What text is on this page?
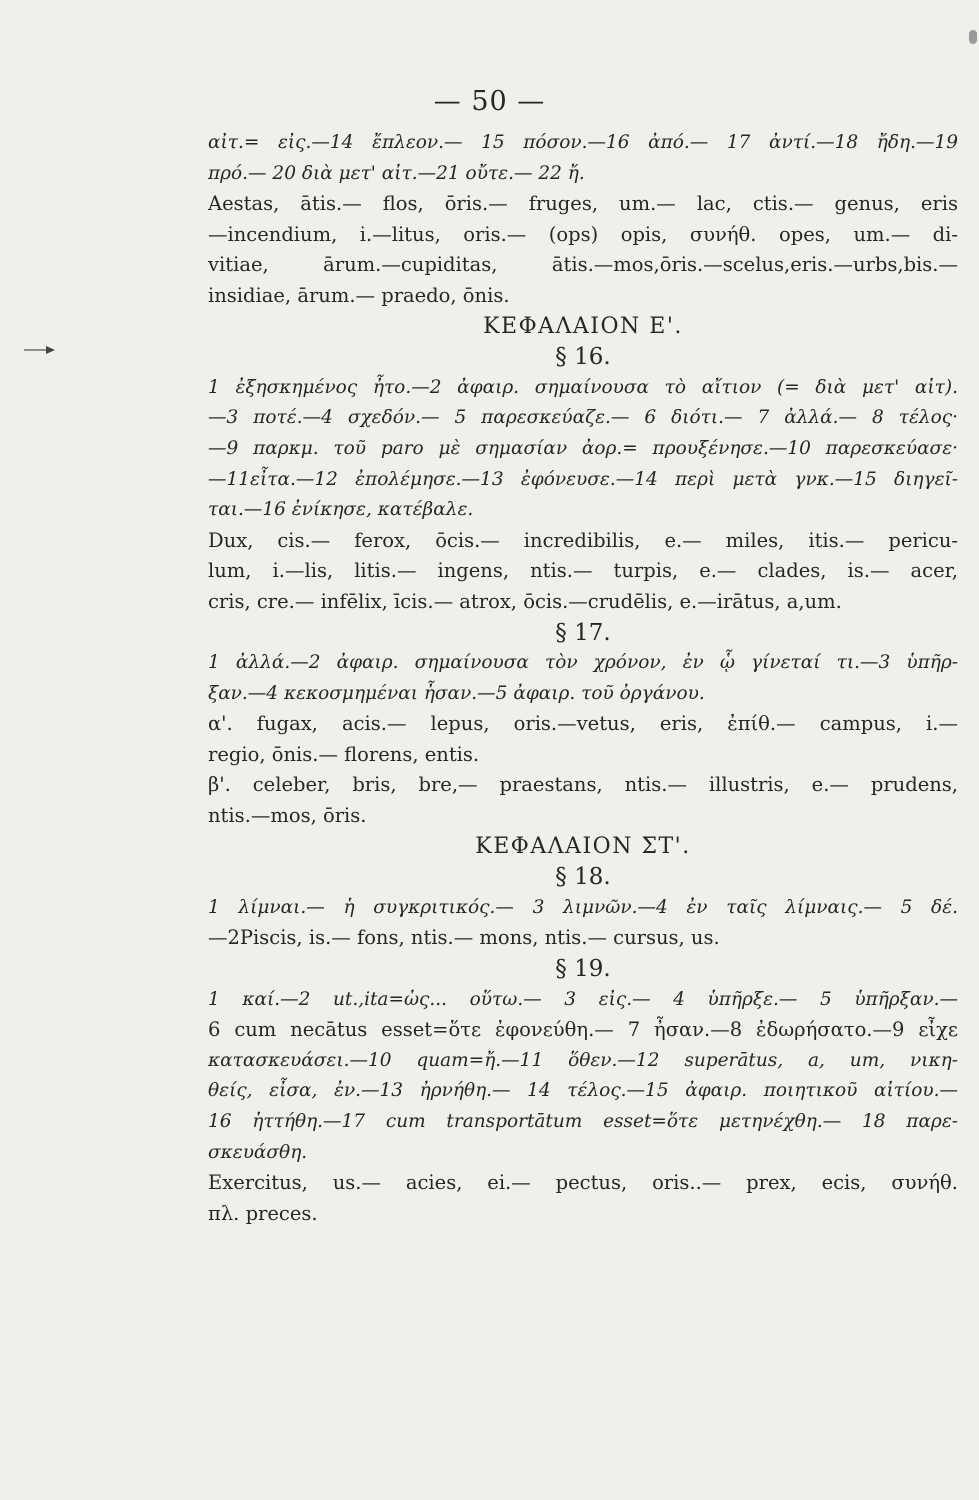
— 50 —
αἰτ.= εἰς.—14 ἔπλεον.— 15 πόσον.—16 ἀπό.— 17 ἀντί.—18 ἤδη.—19
πρό.— 20 διὰ μετ' αἰτ.—21 οὔτε.— 22 ἤ.
Aestas, ātis.— flos, ōris.— fruges, um.— lac, ctis.— genus, eris
—incendium, i.—litus, oris.— (ops) opis, συνήθ. opes, um.— di-
vitiae, ārum.—cupiditas, ātis.—mos,ōris.—scelus,eris.—urbs,bis.—
insidiae, ārum.— praedo, ōnis.
ΚΕΦΑΛΑΙΟΝ Ε'.
§ 16.
1 ἐξησκημένος ἦτο.—2 ἀφαιρ. σημαίνουσα τὸ αἴτιον (= διὰ μετ' αἰτ).
—3 ποτέ.—4 σχεδόν.— 5 παρεσκεύαζε.— 6 διότι.— 7 ἀλλά.— 8 τέλος·
—9 παρκμ. τοῦ paro μὲ σημασίαν ἀορ.= προυξένησε.—10 παρεσκεύασε·
—11εἶτα.—12 ἐπολέμησε.—13 ἐφόνευσε.—14 περὶ μετὰ γνκ.—15 διηγεῖ-
ται.—16 ἐνίκησε, κατέβαλε.
Dux, cis.— ferox, ōcis.— incredibilis, e.— miles, itis.— pericu-
lum, i.—lis, litis.— ingens, ntis.— turpis, e.— clades, is.— acer,
cris, cre.— infēlix, īcis.— atrox, ōcis.—crudēlis, e.—irātus, a,um.
§ 17.
1 ἀλλά.—2 ἀφαιρ. σημαίνουσα τὸν χρόνον, ἐν ᾧ γίνεταί τι.—3 ὑπῆρ-
ξαν.—4 κεκοσμημέναι ἦσαν.—5 ἀφαιρ. τοῦ ὀργάνου.
α'. fugax, acis.— lepus, oris.—vetus, eris, ἐπίθ.— campus, i.—
regio, ōnis.— florens, entis.
β'. celeber, bris, bre,— praestans, ntis.— illustris, e.— prudens,
ntis.—mos, ōris.
ΚΕΦΑΛΑΙΟΝ ΣΤ'.
§ 18.
1 λίμναι.— ἡ συγκριτικός.— 3 λιμνῶν.—4 ἐν ταῖς λίμναις.— 5 δέ.
—2Piscis, is.— fons, ntis.— mons, ntis.— cursus, us.
§ 19.
1 καί.—2 ut.,ita=ὡς... οὕτω.— 3 εἰς.— 4 ὑπῆρξε.— 5 ὑπῆρξαν.—
6 cum necātus esset=ὅτε ἐφονεύθη.— 7 ἦσαν.—8 ἐδωρήσατο.—9 εἶχε
κατασκευάσει.—10 quam=ἤ.—11 ὅθεν.—12 superātus, a, um, νικη-
θείς, εἶσα, ἐν.—13 ἠρνήθη.— 14 τέλος.—15 ἀφαιρ. ποιητικοῦ αἰτίου.—
16 ἡττήθη.—17 cum transportātum esset=ὅτε μετηνέχθη.— 18 παρε-
σκευάσθη.
Exercitus, us.— acies, ei.— pectus, oris..— prex, ecis, συνήθ.
πλ. preces.
